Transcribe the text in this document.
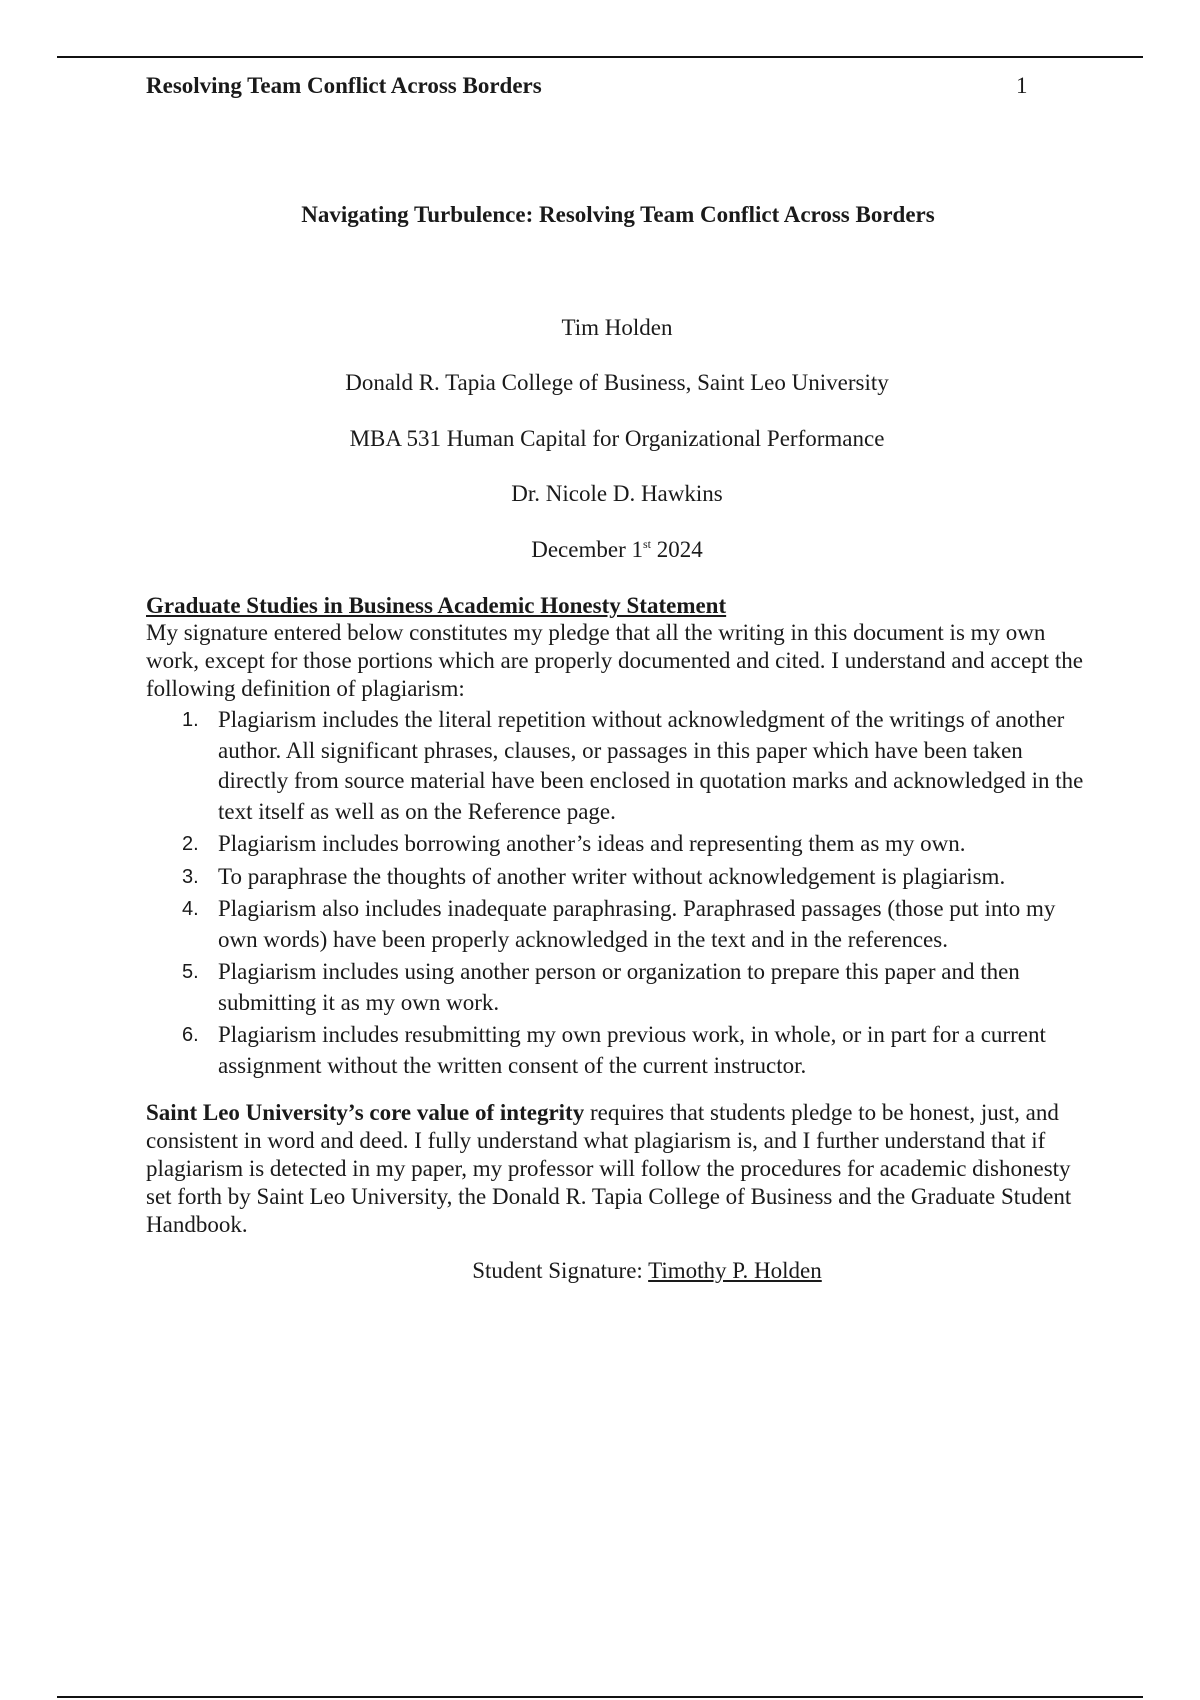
Resolving Team Conflict Across Borders	1
Navigating Turbulence: Resolving Team Conflict Across Borders
Tim Holden
Donald R. Tapia College of Business, Saint Leo University
MBA 531 Human Capital for Organizational Performance
Dr. Nicole D. Hawkins
December 1st 2024

Graduate Studies in Business Academic Honesty Statement

My signature entered below constitutes my pledge that all the writing in this document is my own work, except for those portions which are properly documented and cited. I understand and accept the following definition of plagiarism:

1. Plagiarism includes the literal repetition without acknowledgment of the writings of another author. All significant phrases, clauses, or passages in this paper which have been taken directly from source material have been enclosed in quotation marks and acknowledged in the text itself as well as on the Reference page.
2. Plagiarism includes borrowing another’s ideas and representing them as my own.
3. To paraphrase the thoughts of another writer without acknowledgement is plagiarism.
4. Plagiarism also includes inadequate paraphrasing. Paraphrased passages (those put into my own words) have been properly acknowledged in the text and in the references.
5. Plagiarism includes using another person or organization to prepare this paper and then submitting it as my own work.
6. Plagiarism includes resubmitting my own previous work, in whole, or in part for a current assignment without the written consent of the current instructor.

Saint Leo University’s core value of integrity requires that students pledge to be honest, just, and consistent in word and deed. I fully understand what plagiarism is, and I further understand that if plagiarism is detected in my paper, my professor will follow the procedures for academic dishonesty set forth by Saint Leo University, the Donald R. Tapia College of Business and the Graduate Student Handbook.

Student Signature: Timothy P. Holden
